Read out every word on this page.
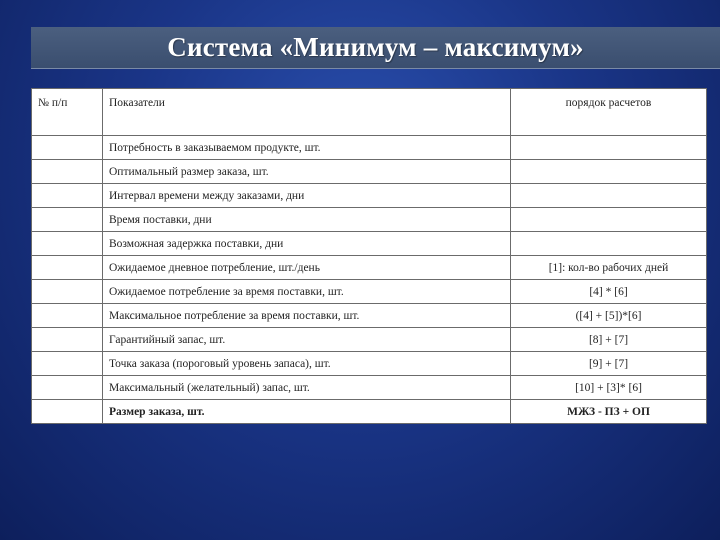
Система «Минимум – максимум»
№ п/п	Показатели	порядок расчетов
	Потребность в заказываемом продукте, шт.	
	Оптимальный размер заказа, шт.	
	Интервал времени между заказами, дни	
	Время поставки, дни	
	Возможная задержка поставки, дни	
	Ожидаемое дневное потребление, шт./день	[1]: кол-во рабочих дней
	Ожидаемое потребление за время поставки, шт.	[4] * [6]
	Максимальное потребление за время поставки, шт.	([4] + [5])*[6]
	Гарантийный запас, шт.	[8] + [7]
	Точка заказа (пороговый уровень запаса), шт.	[9] + [7]
	Максимальный (желательный) запас, шт.	[10] + [3]* [6]
	Размер заказа, шт.	МЖЗ - ПЗ + ОП
